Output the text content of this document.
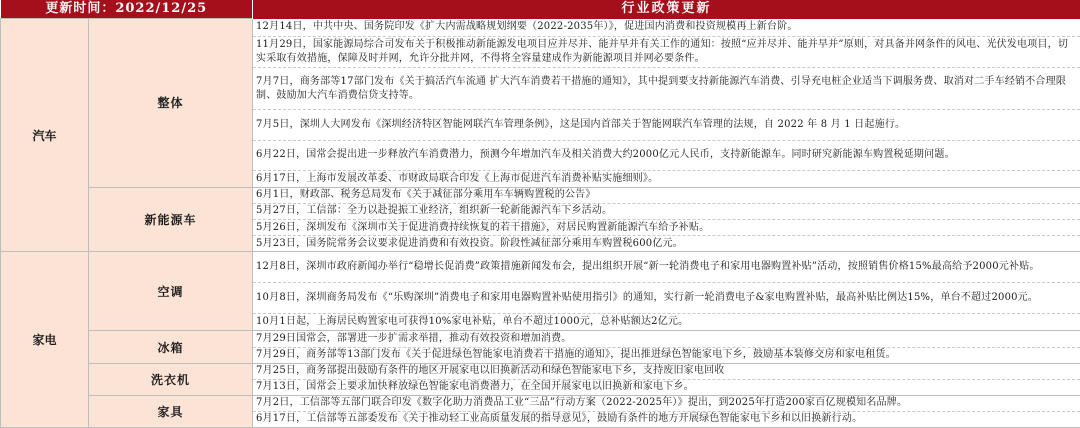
更新时间：2022/12/25		行业政策更新
汽车	整体	12月14日，中共中央、国务院印发《扩大内需战略规划纲要（2022-2035年）》，促进国内消费和投资规模再上新台阶。
		11月29日，国家能源局综合司发布关于积极推动新能源发电项目应并尽并、能并早并有关工作的通知：按照“应并尽并、能并早并”原则，对具备并网条件的风电、光伏发电项目，切实采取有效措施，保障及时并网，允许分批并网，不得将全容量建成作为新能源项目并网必要条件。
		7月7日，商务部等17部门发布《关于搞活汽车流通 扩大汽车消费若干措施的通知》，其中提到要支持新能源汽车消费、引导充电桩企业适当下调服务费、取消对二手车经销不合理限制、鼓励加大汽车消费信贷支持等。
		7月5日，深圳人大网发布《深圳经济特区智能网联汽车管理条例》，这是国内首部关于智能网联汽车管理的法规，自 2022 年 8 月 1 日起施行。
		6月22日，国常会提出进一步释放汽车消费潜力，预测今年增加汽车及相关消费大约2000亿元人民币，支持新能源车。同时研究新能源车购置税延期问题。
		6月17日，上海市发展改革委、市财政局联合印发《上海市促进汽车消费补贴实施细则》。
	新能源车	6月1日，财政部、税务总局发布《关于减征部分乘用车车辆购置税的公告》
		5月27日，工信部：全力以赴提振工业经济，组织新一轮新能源汽车下乡活动。
		5月26日，深圳发布《深圳市关于促进消费持续恢复的若干措施》，对居民购置新能源汽车给予补贴。
		5月23日，国务院常务会议要求促进消费和有效投资。阶段性减征部分乘用车购置税600亿元。
家电	空调	12月8日，深圳市政府新闻办举行“稳增长促消费”政策措施新闻发布会，提出组织开展“新一轮消费电子和家用电器购置补贴”活动，按照销售价格15%最高给予2000元补贴。
		10月8日，深圳商务局发布《“乐购深圳”消费电子和家用电器购置补贴使用指引》的通知，实行新一轮消费电子&家电购置补贴，最高补贴比例达15%，单台不超过2000元。
		10月1日起，上海居民购置家电可获得10%家电补贴，单台不超过1000元，总补贴额达2亿元。
	冰箱	7月29日国常会，部署进一步扩需求举措，推动有效投资和增加消费。
		7月29日，商务部等13部门发布《关于促进绿色智能家电消费若干措施的通知》，提出推进绿色智能家电下乡，鼓励基本装修交房和家电租赁。
	洗衣机	7月25日，商务部提出鼓励有条件的地区开展家电以旧换新活动和绿色智能家电下乡，支持废旧家电回收
		7月13日，国常会上要求加快释放绿色智能家电消费潜力，在全国开展家电以旧换新和家电下乡。
	家具	7月2日，工信部等五部门联合印发《数字化助力消费品工业“三品”行动方案（2022-2025年）》提出，到2025年打造200家百亿规模知名品牌。
		6月17日，工信部等五部委发布《关于推动轻工业高质量发展的指导意见》，鼓励有条件的地方开展绿色智能家电下乡和以旧换新行动。
